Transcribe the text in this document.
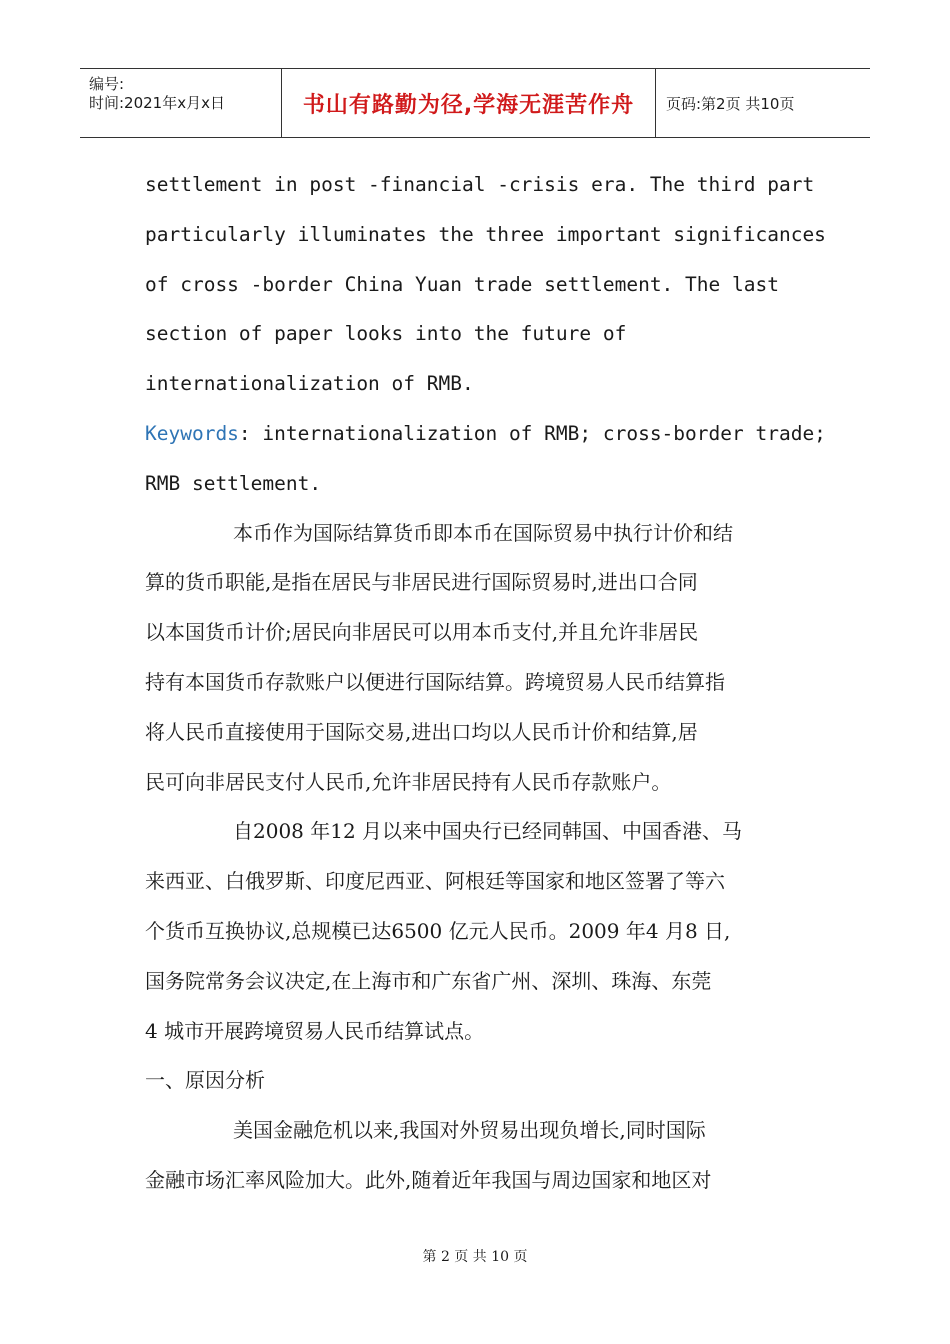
编号:
时间:2021年x月x日	书山有路勤为径,学海无涯苦作舟	页码:第2页 共10页
settlement in post -financial -crisis era. The third part
particularly illuminates the three important significances
of cross -border China Yuan trade settlement. The last
section of paper looks into the future of
internationalization of RMB.
Keywords: internationalization of RMB; cross-border trade;
RMB settlement.
本币作为国际结算货币即本币在国际贸易中执行计价和结
算的货币职能,是指在居民与非居民进行国际贸易时,进出口合同
以本国货币计价;居民向非居民可以用本币支付,并且允许非居民
持有本国货币存款账户以便进行国际结算。跨境贸易人民币结算指
将人民币直接使用于国际交易,进出口均以人民币计价和结算,居
民可向非居民支付人民币,允许非居民持有人民币存款账户。
自2008 年12 月以来中国央行已经同韩国、中国香港、马
来西亚、白俄罗斯、印度尼西亚、阿根廷等国家和地区签署了等六
个货币互换协议,总规模已达6500 亿元人民币。2009 年4 月8 日,
国务院常务会议决定,在上海市和广东省广州、深圳、珠海、东莞
4 城市开展跨境贸易人民币结算试点。
一、原因分析
美国金融危机以来,我国对外贸易出现负增长,同时国际
金融市场汇率风险加大。此外,随着近年我国与周边国家和地区对
第 2 页 共 10 页
